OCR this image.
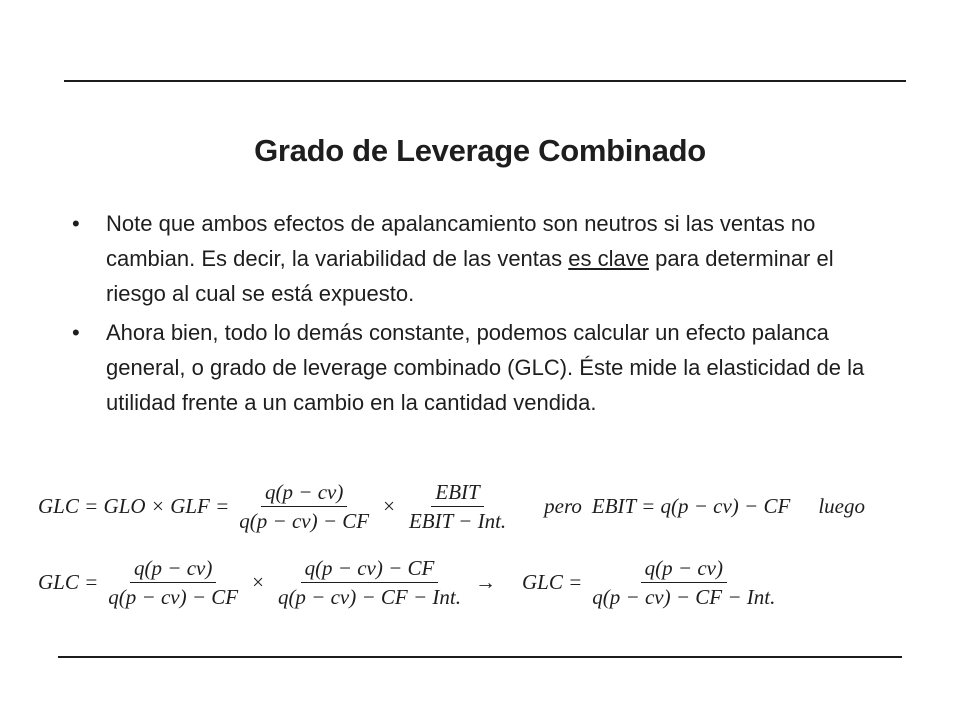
Grado de Leverage Combinado
• Note que ambos efectos de apalancamiento son neutros si las ventas no cambian. Es decir, la variabilidad de las ventas es clave para determinar el riesgo al cual se está expuesto.
• Ahora bien, todo lo demás constante, podemos calcular un efecto palanca general, o grado de leverage combinado (GLC). Éste mide la elasticidad de la utilidad frente a un cambio en la cantidad vendida.
GLC = GLO × GLF = $\frac{q(p - cv)}{q(p - cv) - CF} \times \frac{\text{EBIT}}{\text{EBIT − Int.}}$ pero EBIT = q(p − cv) − CF luego
GLC = $\frac{q(p - cv)}{q(p - cv) - CF} \times \frac{q(p - cv) - CF}{\text{q(p − cv) − CF − Int.}}$ → GLC = $\frac{q(p - cv)}{\text{q(p − cv) − CF − Int.}}$
